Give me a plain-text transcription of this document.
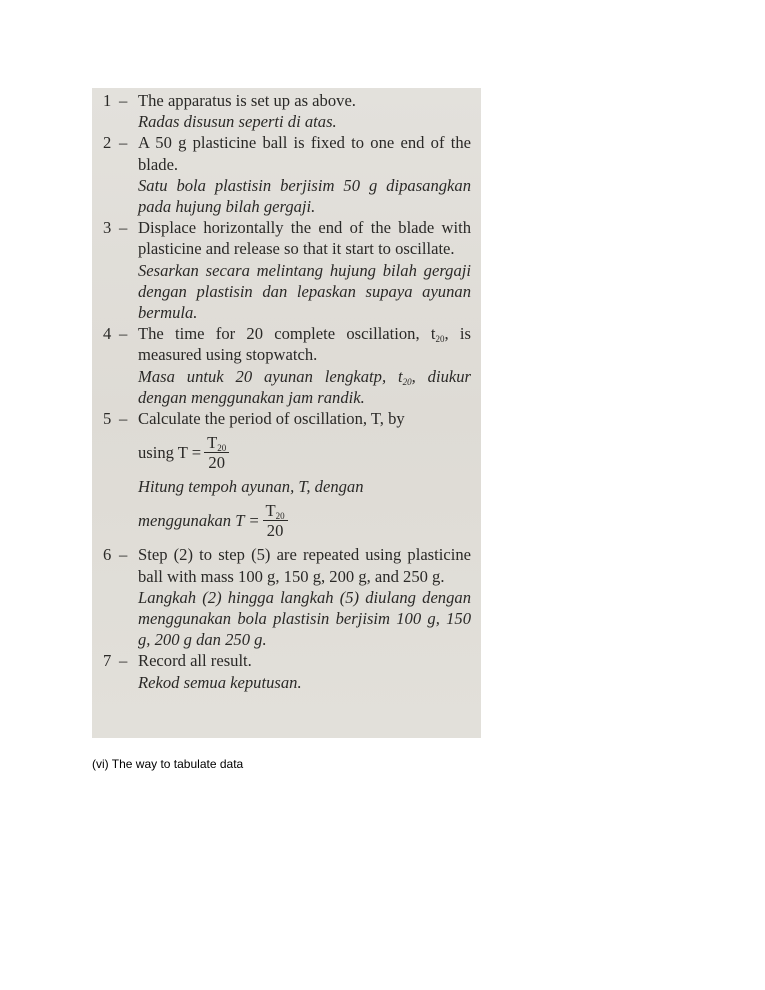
1 – The apparatus is set up as above.
Radas disusun seperti di atas.
2 – A 50 g plasticine ball is fixed to one end of the blade.
Satu bola plastisin berjisim 50 g dipasangkan pada hujung bilah gergaji.
3 – Displace horizontally the end of the blade with plasticine and release so that it start to oscillate.
Sesarkan secara melintang hujung bilah gergaji dengan plastisin dan lepaskan supaya ayunan bermula.
4 – The time for 20 complete oscillation, $t_{20}$, is measured using stopwatch.
Masa untuk 20 ayunan lengkatp, $t_{20}$, diukur dengan menggunakan jam randik.
5 – Calculate the period of oscillation, T, by
using $T = \frac{T_{20}}{20}$
Hitung tempoh ayunan, T, dengan
menggunakan $T = \frac{T_{20}}{20}$
6 – Step (2) to step (5) are repeated using plasticine ball with mass 100 g, 150 g, 200 g, and 250 g.
Langkah (2) hingga langkah (5) diulang dengan menggunakan bola plastisin berjisim 100 g, 150 g, 200 g dan 250 g.
7 – Record all result.
Rekod semua keputusan.
(vi) The way to tabulate data
